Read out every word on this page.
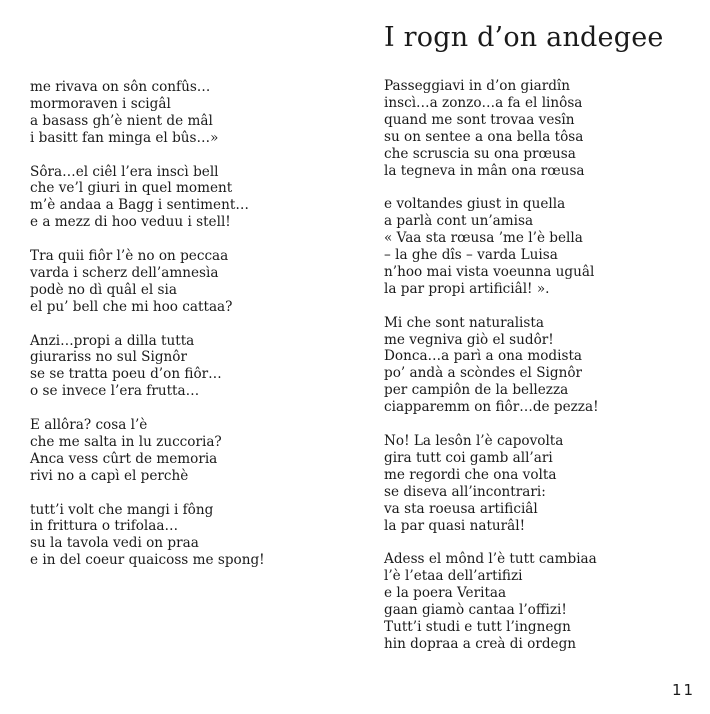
me rivava on sôn confûs…
mormoraven i scigâl
a basass gh’è nient de mâl
i basitt fan minga el bûs…»
Sôra…el ciêl l’era inscì bell
che ve’l giuri in quel moment
m’è andaa a Bagg i sentiment…
e a mezz di hoo veduu i stell!
Tra quii fiôr l’è no on peccaa
varda i scherz dell’amnesìa
podè no dì quâl el sia
el pu’ bell che mi hoo cattaa?
Anzi…propi a dilla tutta
giurariss no sul Signôr
se se tratta poeu d’on fiôr…
o se invece l’era frutta…
E allôra? cosa l’è
che me salta in lu zuccoria?
Anca vess cûrt de memoria
rivi no a capì el perchè
tutt’i volt che mangi i fông
in frittura o trifolaa…
su la tavola vedi on praa
e in del coeur quaicoss me spong!
I rogn d’on andegee
Passeggiavi in d’on giardîn
inscì…a zonzo…a fa el linôsa
quand me sont trovaa vesîn
su on sentee a ona bella tôsa
che scruscia su ona prœusa
la tegneva in mân ona rœusa
e voltandes giust in quella
a parlà cont un’amisa
« Vaa sta rœusa ’me l’è bella
– la ghe dîs – varda Luisa
n’hoo mai vista voeunna uguâl
la par propi artificiâl! ».
Mi che sont naturalista
me vegniva giò el sudôr!
Donca…a parì a ona modista
po’ andà a scòndes el Signôr
per campiôn de la bellezza
ciapparemm on fiôr…de pezza!
No! La lesôn l’è capovolta
gira tutt coi gamb all’ari
me regordi che ona volta
se diseva all’incontrari:
va sta roeusa artificiâl
la par quasi naturâl!
Adess el mônd l’è tutt cambiaa
l’è l’etaa dell’artifizi
e la poera Veritaa
gaan giamò cantaa l’offizi!
Tutt’i studi e tutt l’ingnegn
hin dopraa a creà di ordegn
11
